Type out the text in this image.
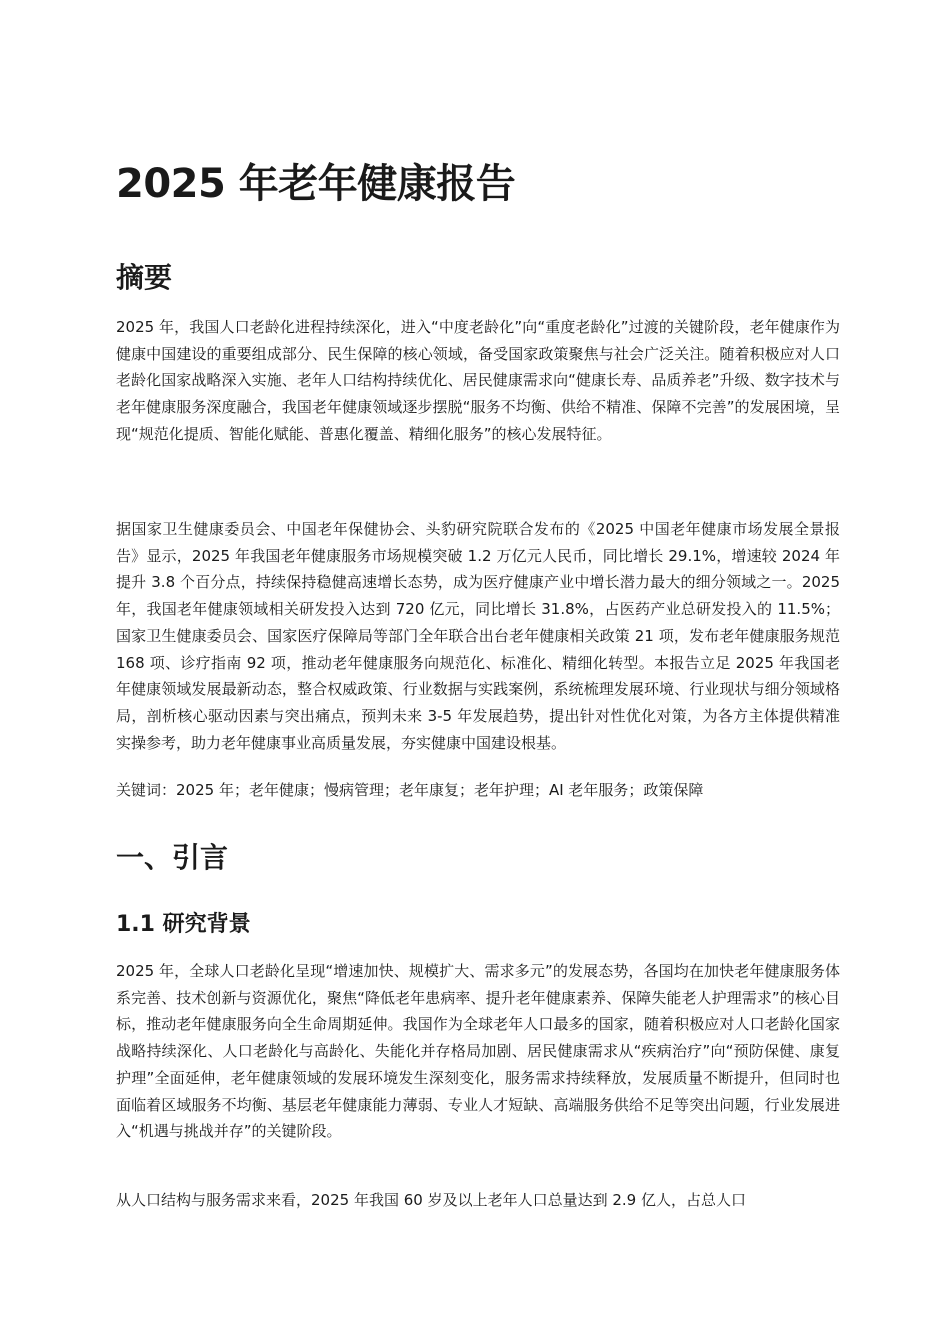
2025 年老年健康报告
摘要

2025 年，我国人口老龄化进程持续深化，进入“中度老龄化”向“重度老龄化”过渡的关键阶段，老年健康作为健康中国建设的重要组成部分、民生保障的核心领域，备受国家政策聚焦与社会广泛关注。随着积极应对人口老龄化国家战略深入实施、老年人口结构持续优化、居民健康需求向“健康长寿、品质养老”升级、数字技术与老年健康服务深度融合，我国老年健康领域逐步摆脱“服务不均衡、供给不精准、保障不完善”的发展困境，呈现“规范化提质、智能化赋能、普惠化覆盖、精细化服务”的核心发展特征。

据国家卫生健康委员会、中国老年保健协会、头豹研究院联合发布的《2025 中国老年健康市场发展全景报告》显示，2025 年我国老年健康服务市场规模突破 1.2 万亿元人民币，同比增长 29.1%，增速较 2024 年提升 3.8 个百分点，持续保持稳健高速增长态势，成为医疗健康产业中增长潜力最大的细分领域之一。2025 年，我国老年健康领域相关研发投入达到 720 亿元，同比增长 31.8%，占医药产业总研发投入的 11.5%；国家卫生健康委员会、国家医疗保障局等部门全年联合出台老年健康相关政策 21 项，发布老年健康服务规范 168 项、诊疗指南 92 项，推动老年健康服务向规范化、标准化、精细化转型。本报告立足 2025 年我国老年健康领域发展最新动态，整合权威政策、行业数据与实践案例，系统梳理发展环境、行业现状与细分领域格局，剖析核心驱动因素与突出痛点，预判未来 3-5 年发展趋势，提出针对性优化对策，为各方主体提供精准实操参考，助力老年健康事业高质量发展，夯实健康中国建设根基。

关键词：2025 年；老年健康；慢病管理；老年康复；老年护理；AI 老年服务；政策保障

一、引言
1.1 研究背景

2025 年，全球人口老龄化呈现“增速加快、规模扩大、需求多元”的发展态势，各国均在加快老年健康服务体系完善、技术创新与资源优化，聚焦“降低老年患病率、提升老年健康素养、保障失能老人护理需求”的核心目标，推动老年健康服务向全生命周期延伸。我国作为全球老年人口最多的国家，随着积极应对人口老龄化国家战略持续深化、人口老龄化与高龄化、失能化并存格局加剧、居民健康需求从“疾病治疗”向“预防保健、康复护理”全面延伸，老年健康领域的发展环境发生深刻变化，服务需求持续释放，发展质量不断提升，但同时也面临着区域服务不均衡、基层老年健康能力薄弱、专业人才短缺、高端服务供给不足等突出问题，行业发展进入“机遇与挑战并存”的关键阶段。

从人口结构与服务需求来看，2025 年我国 60 岁及以上老年人口总量达到 2.9 亿人，占总人口
